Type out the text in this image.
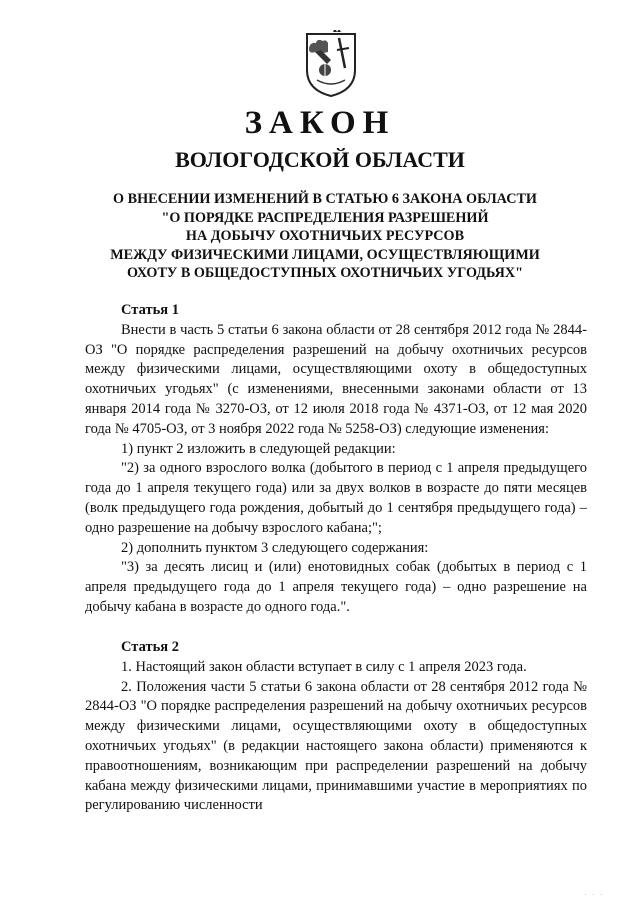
ЗАКОН
ВОЛОГОДСКОЙ ОБЛАСТИ
О ВНЕСЕНИИ ИЗМЕНЕНИЙ В СТАТЬЮ 6 ЗАКОНА ОБЛАСТИ
"О ПОРЯДКЕ РАСПРЕДЕЛЕНИЯ РАЗРЕШЕНИЙ
НА ДОБЫЧУ ОХОТНИЧЬИХ РЕСУРСОВ
МЕЖДУ ФИЗИЧЕСКИМИ ЛИЦАМИ, ОСУЩЕСТВЛЯЮЩИМИ
ОХОТУ В ОБЩЕДОСТУПНЫХ ОХОТНИЧЬИХ УГОДЬЯХ"
Статья 1
Внести в часть 5 статьи 6 закона области от 28 сентября 2012 года № 2844-ОЗ "О порядке распределения разрешений на добычу охотничьих ресурсов между физическими лицами, осуществляющими охоту в общедоступных охотничьих угодьях" (с изменениями, внесенными законами области от 13 января 2014 года № 3270-ОЗ, от 12 июля 2018 года № 4371-ОЗ, от 12 мая 2020 года № 4705-ОЗ, от 3 ноября 2022 года № 5258-ОЗ) следующие изменения:
1) пункт 2 изложить в следующей редакции:
"2) за одного взрослого волка (добытого в период с 1 апреля предыдущего года до 1 апреля текущего года) или за двух волков в возрасте до пяти месяцев (волк предыдущего года рождения, добытый до 1 сентября предыдущего года) – одно разрешение на добычу взрослого кабана;";
2) дополнить пунктом 3 следующего содержания:
"3) за десять лисиц и (или) енотовидных собак (добытых в период с 1 апреля предыдущего года до 1 апреля текущего года) – одно разрешение на добычу кабана в возрасте до одного года.".
Статья 2
1. Настоящий закон области вступает в силу с 1 апреля 2023 года.
2. Положения части 5 статьи 6 закона области от 28 сентября 2012 года № 2844-ОЗ "О порядке распределения разрешений на добычу охотничьих ресурсов между физическими лицами, осуществляющими охоту в общедоступных охотничьих угодьях" (в редакции настоящего закона области) применяются к правоотношениям, возникающим при распределении разрешений на добычу кабана между физическими лицами, принимавшими участие в мероприятиях по регулированию численности
· · ·
